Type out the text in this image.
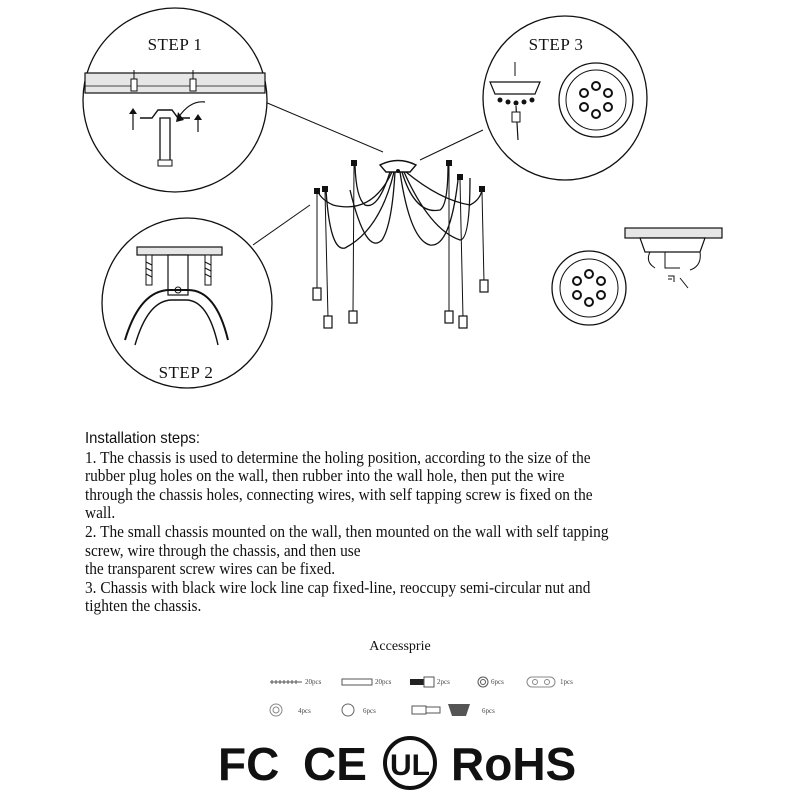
STEP 1	STEP 3
STEP 2
Installation steps:
1. The chassis is used to determine the holing position, according to the size of the
rubber plug holes on the wall, then rubber into the wall hole, then put the wire
through the chassis holes, connecting wires, with self tapping screw is fixed on the
wall.
2. The small chassis mounted on the wall, then mounted on the wall with self tapping
screw, wire through the chassis, and then use
the transparent screw wires can be fixed.
3. Chassis with black wire lock line cap fixed-line, reoccupy semi-circular nut and
tighten the chassis.
Accessprie
20pcs	20pcs	2pcs	6pcs	1pcs
4pcs	6pcs	6pcs
FC CE UL RoHS
